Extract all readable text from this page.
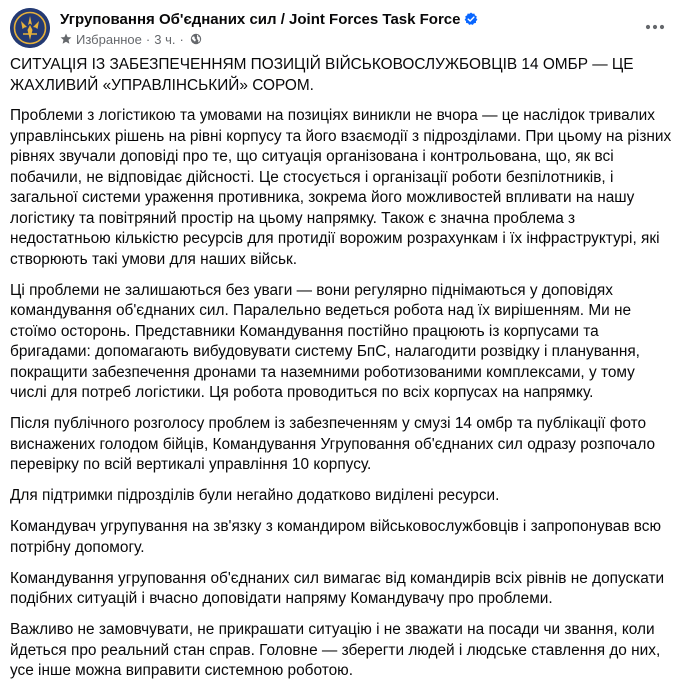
Угруповання Об'єднаних сил / Joint Forces Task Force
Избранное · 3 ч. ·

СИТУАЦІЯ ІЗ ЗАБЕЗПЕЧЕННЯМ ПОЗИЦІЙ ВІЙСЬКОВОСЛУЖБОВЦІВ 14 ОМБР — ЦЕ ЖАХЛИВИЙ «УПРАВЛІНСЬКИЙ» СОРОМ.

Проблеми з логістикою та умовами на позиціях виникли не вчора — це наслідок тривалих управлінських рішень на рівні корпусу та його взаємодії з підрозділами. При цьому на різних рівнях звучали доповіді про те, що ситуація організована і контрольована, що, як всі побачили, не відповідає дійсності. Це стосується і організації роботи безпілотників, і загальної системи ураження противника, зокрема його можливостей впливати на нашу логістику та повітряний простір на цьому напрямку. Також є значна проблема з недостатньою кількістю ресурсів для протидії ворожим розрахункам і їх інфраструктурі, які створюють такі умови для наших військ.

Ці проблеми не залишаються без уваги — вони регулярно піднімаються у доповідях командування об'єднаних сил. Паралельно ведеться робота над їх вирішенням. Ми не стоїмо осторонь. Представники Командування постійно працюють із корпусами та бригадами: допомагають вибудовувати систему БпС, налагодити розвідку і планування, покращити забезпечення дронами та наземними роботизованими комплексами, у тому числі для потреб логістики. Ця робота проводиться по всіх корпусах на напрямку.

Після публічного розголосу проблем із забезпеченням у смузі 14 омбр та публікації фото виснажених голодом бійців, Командування Угруповання об'єднаних сил одразу розпочало перевірку по всій вертикалі управління 10 корпусу.

Для підтримки підрозділів були негайно додатково виділені ресурси.

Командувач угрупування на зв'язку з командиром військовослужбовців і запропонував всю потрібну допомогу.

Командування угруповання об'єднаних сил вимагає від командирів всіх рівнів не допускати подібних ситуацій і вчасно доповідати напряму Командувачу про проблеми.

Важливо не замовчувати, не прикрашати ситуацію і не зважати на посади чи звання, коли йдеться про реальний стан справ. Головне — зберегти людей і людське ставлення до них, усе інше можна виправити системною роботою.
